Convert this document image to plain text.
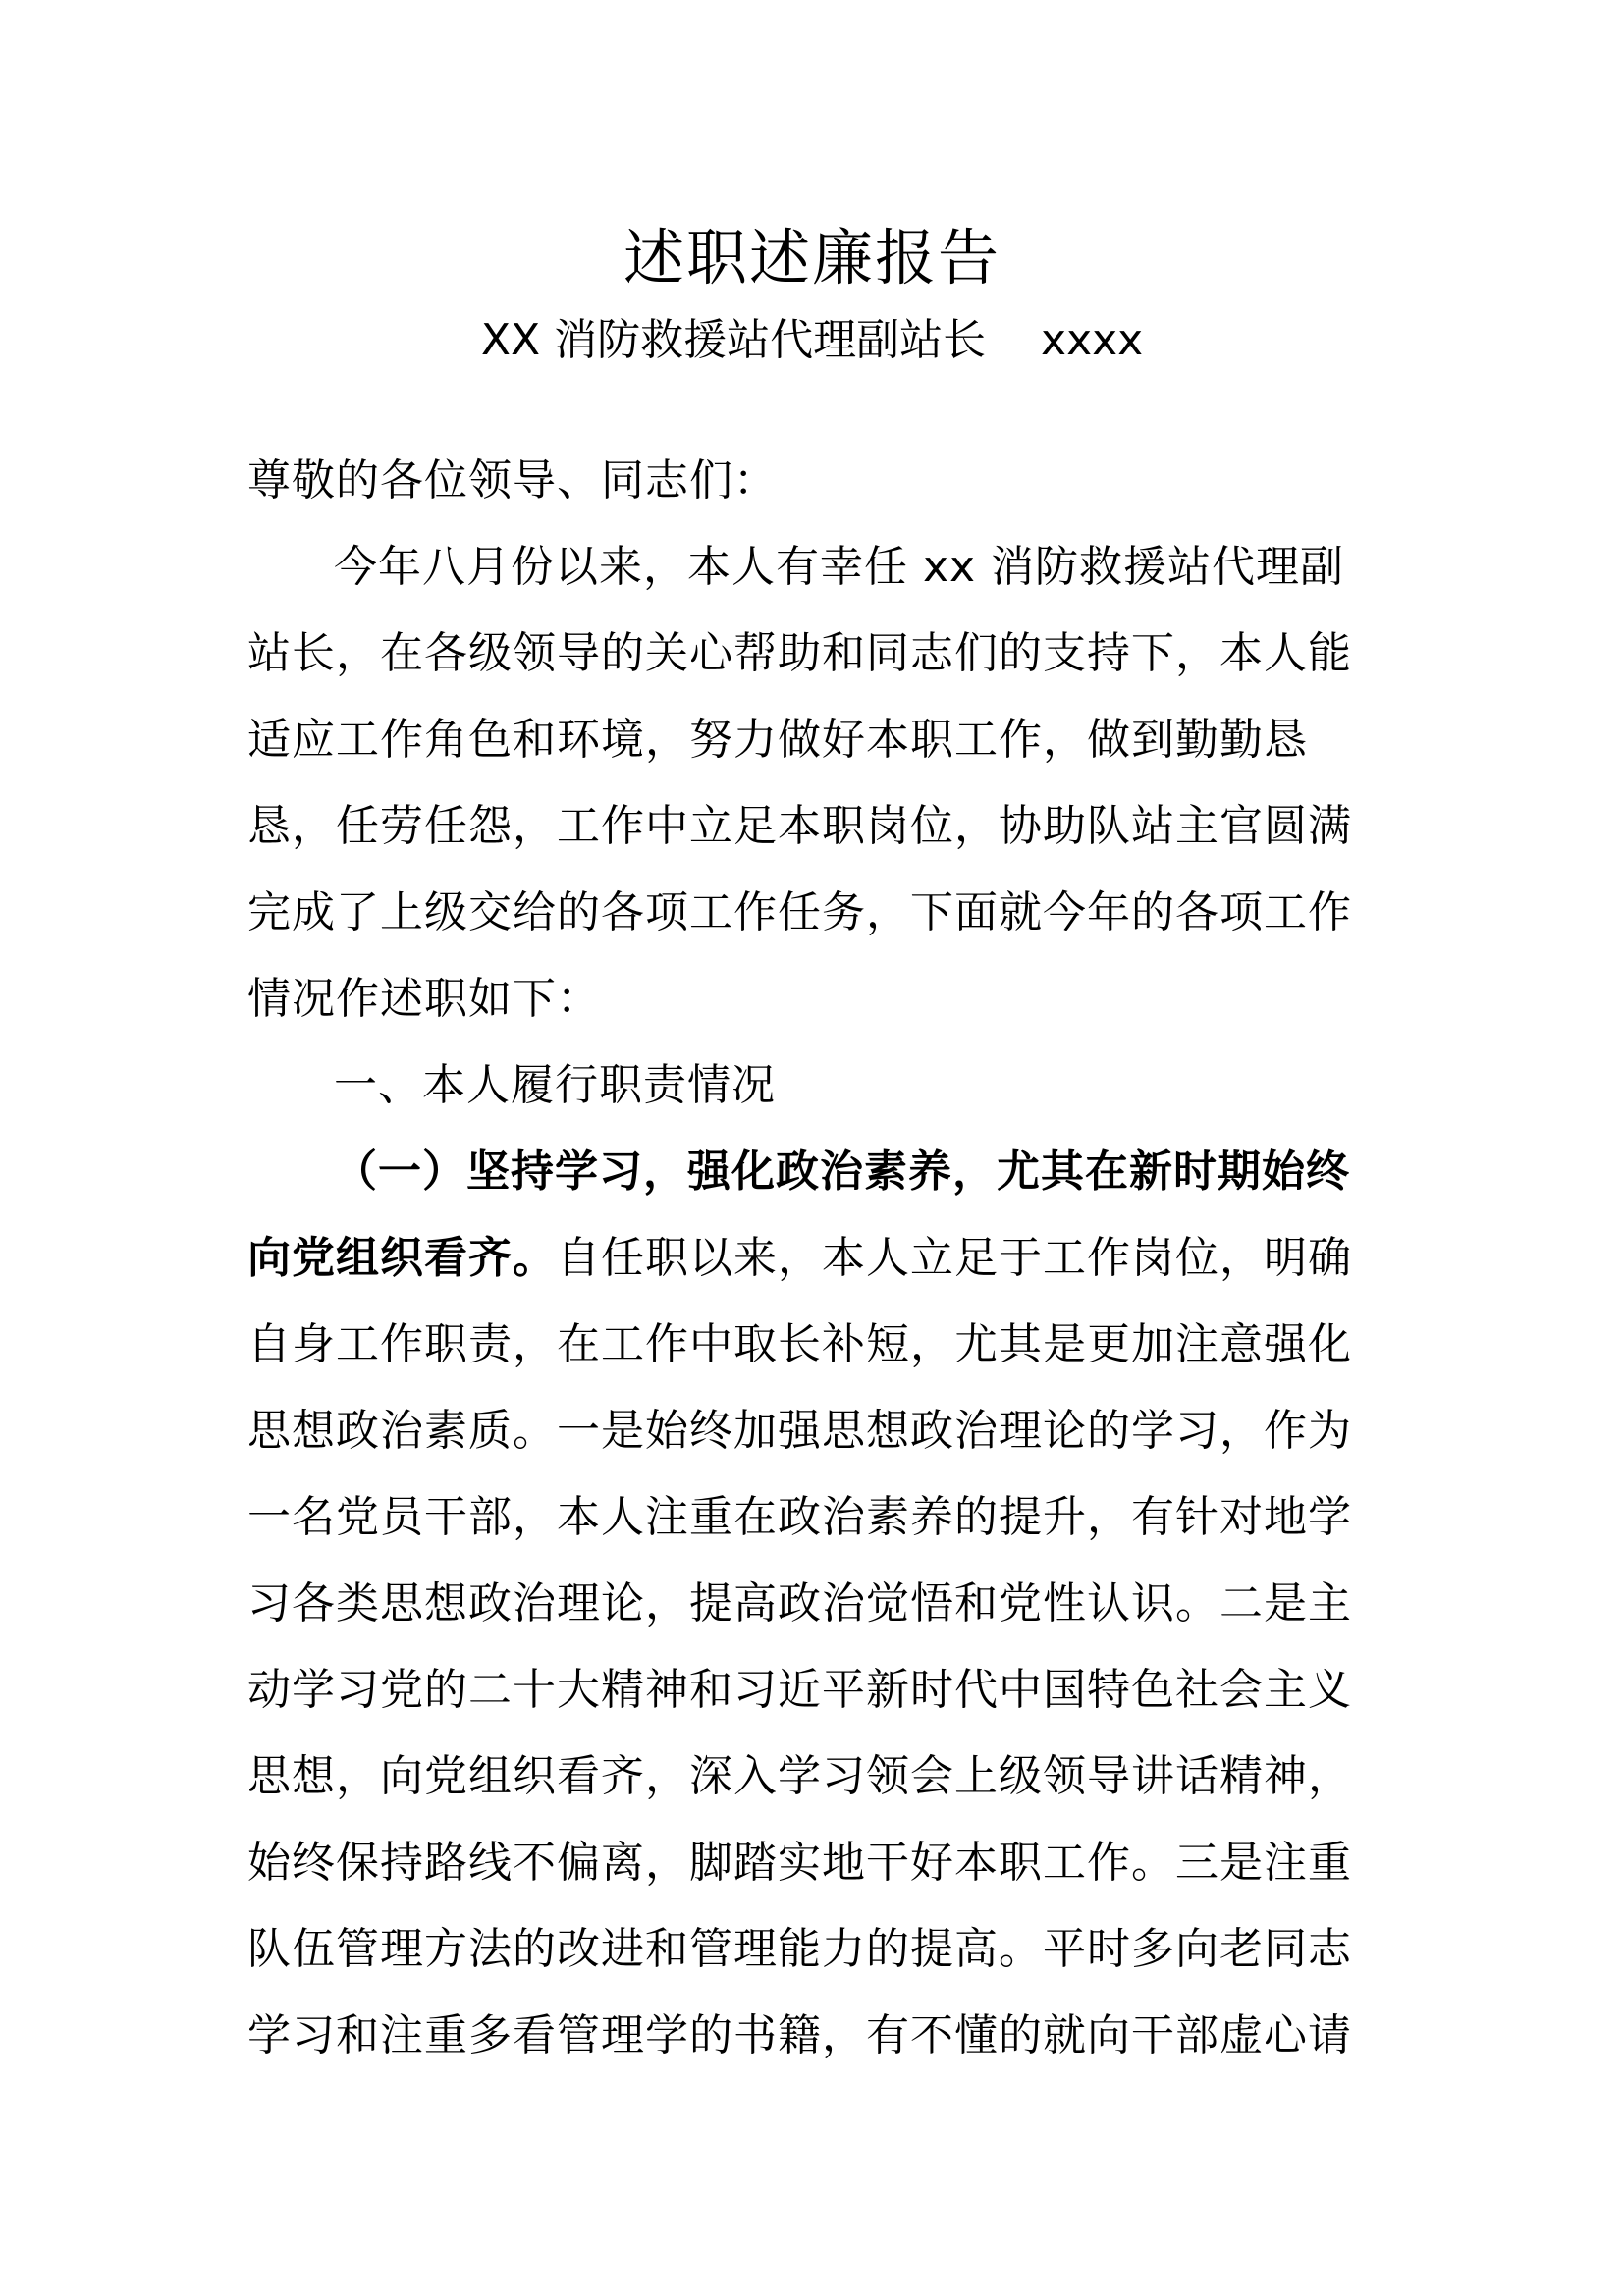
述职述廉报告
XX 消防救援站代理副站长    xxxx

尊敬的各位领导、同志们：

今年八月份以来，本人有幸任 xx 消防救援站代理副站长，在各级领导的关心帮助和同志们的支持下，本人能适应工作角色和环境，努力做好本职工作，做到勤勤恳恳，任劳任怨，工作中立足本职岗位，协助队站主官圆满完成了上级交给的各项工作任务，下面就今年的各项工作情况作述职如下：

一、本人履行职责情况

（一）坚持学习，强化政治素养，尤其在新时期始终向党组织看齐。自任职以来，本人立足于工作岗位，明确自身工作职责，在工作中取长补短，尤其是更加注意强化思想政治素质。一是始终加强思想政治理论的学习，作为一名党员干部，本人注重在政治素养的提升，有针对地学习各类思想政治理论，提高政治觉悟和党性认识。二是主动学习党的二十大精神和习近平新时代中国特色社会主义思想，向党组织看齐，深入学习领会上级领导讲话精神，始终保持路线不偏离，脚踏实地干好本职工作。三是注重队伍管理方法的改进和管理能力的提高。平时多向老同志学习和注重多看管理学的书籍，有不懂的就向干部虚心请
